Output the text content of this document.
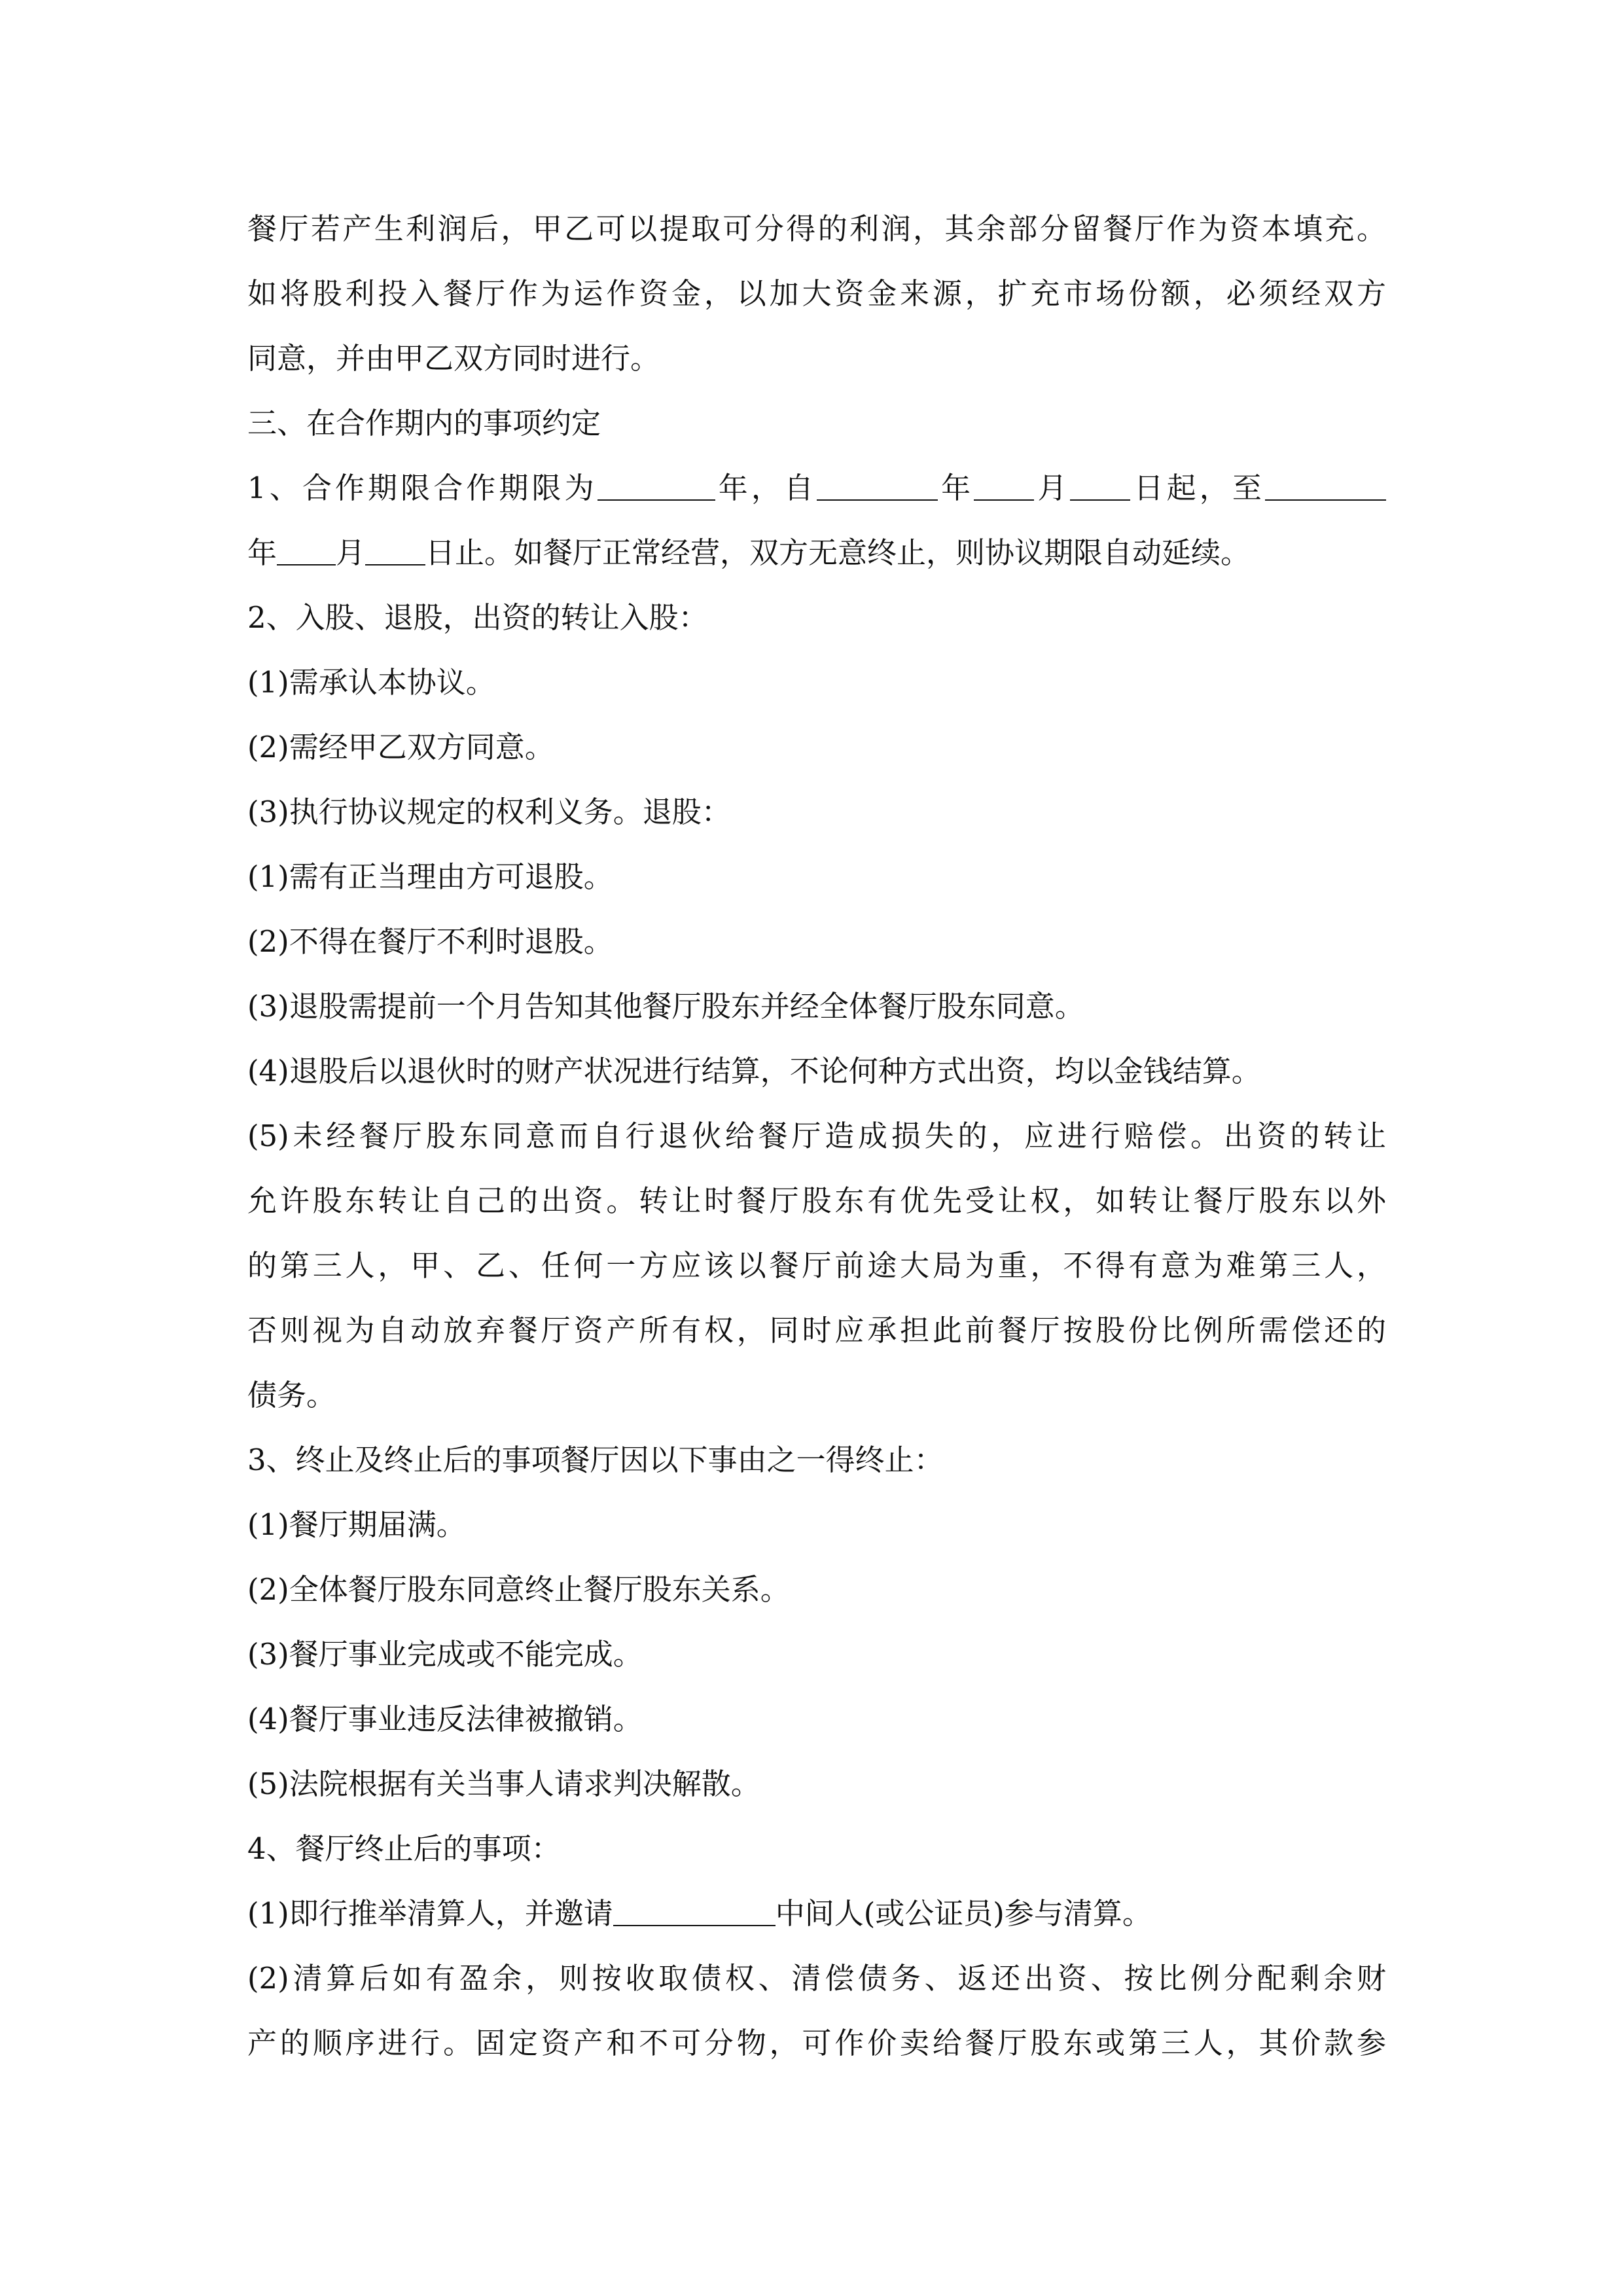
餐厅若产生利润后，甲乙可以提取可分得的利润，其余部分留餐厅作为资本填充。
如将股利投入餐厅作为运作资金，以加大资金来源，扩充市场份额，必须经双方
同意，并由甲乙双方同时进行。
三、在合作期内的事项约定
1、合作期限合作期限为	年，自	年 月 日起，至
年 月 日止。如餐厅正常经营，双方无意终止，则协议期限自动延续。
2、入股、退股，出资的转让入股：
(1)需承认本协议。
(2)需经甲乙双方同意。
(3)执行协议规定的权利义务。退股：
(1)需有正当理由方可退股。
(2)不得在餐厅不利时退股。
(3)退股需提前一个月告知其他餐厅股东并经全体餐厅股东同意。
(4)退股后以退伙时的财产状况进行结算，不论何种方式出资，均以金钱结算。
(5)未经餐厅股东同意而自行退伙给餐厅造成损失的，应进行赔偿。出资的转让
允许股东转让自己的出资。转让时餐厅股东有优先受让权，如转让餐厅股东以外
的第三人，甲、乙、任何一方应该以餐厅前途大局为重，不得有意为难第三人，
否则视为自动放弃餐厅资产所有权，同时应承担此前餐厅按股份比例所需偿还的
债务。
3、终止及终止后的事项餐厅因以下事由之一得终止：
(1)餐厅期届满。
(2)全体餐厅股东同意终止餐厅股东关系。
(3)餐厅事业完成或不能完成。
(4)餐厅事业违反法律被撤销。
(5)法院根据有关当事人请求判决解散。
4、餐厅终止后的事项：
(1)即行推举清算人，并邀请	中间人(或公证员)参与清算。
(2)清算后如有盈余，则按收取债权、清偿债务、返还出资、按比例分配剩余财
产的顺序进行。固定资产和不可分物，可作价卖给餐厅股东或第三人，其价款参
